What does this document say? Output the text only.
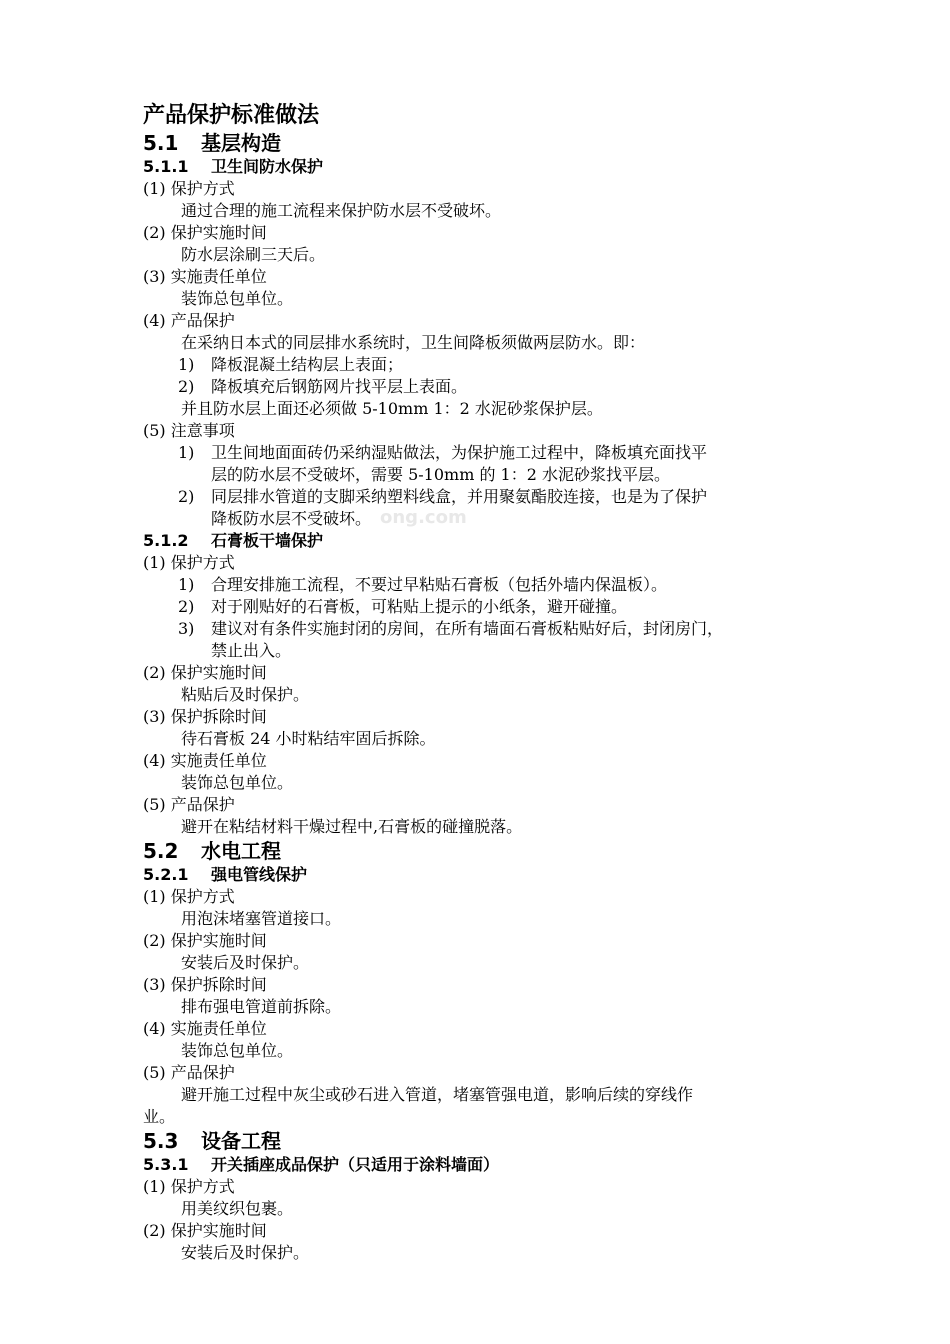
ong.com
产品保护标准做法
5.1 基层构造
5.1.1 卫生间防水保护
(1) 保护方式
通过合理的施工流程来保护防水层不受破坏。
(2) 保护实施时间
防水层涂刷三天后。
(3) 实施责任单位
装饰总包单位。
(4) 产品保护
在采纳日本式的同层排水系统时，卫生间降板须做两层防水。即：
1) 降板混凝土结构层上表面；
2) 降板填充后钢筋网片找平层上表面。
并且防水层上面还必须做 5-10mm 1：2 水泥砂浆保护层。
(5) 注意事项
1) 卫生间地面面砖仍采纳湿贴做法，为保护施工过程中，降板填充面找平
层的防水层不受破坏，需要 5-10mm 的 1：2 水泥砂浆找平层。
2) 同层排水管道的支脚采纳塑料线盒，并用聚氨酯胶连接，也是为了保护
降板防水层不受破坏。
5.1.2 石膏板干墙保护
(1) 保护方式
1) 合理安排施工流程，不要过早粘贴石膏板（包括外墙内保温板）。
2) 对于刚贴好的石膏板，可粘贴上提示的小纸条，避开碰撞。
3) 建议对有条件实施封闭的房间，在所有墙面石膏板粘贴好后，封闭房门，
禁止出入。
(2) 保护实施时间
粘贴后及时保护。
(3) 保护拆除时间
待石膏板 24 小时粘结牢固后拆除。
(4) 实施责任单位
装饰总包单位。
(5) 产品保护
避开在粘结材料干燥过程中,石膏板的碰撞脱落。
5.2 水电工程
5.2.1 强电管线保护
(1) 保护方式
用泡沫堵塞管道接口。
(2) 保护实施时间
安装后及时保护。
(3) 保护拆除时间
排布强电管道前拆除。
(4) 实施责任单位
装饰总包单位。
(5) 产品保护
避开施工过程中灰尘或砂石进入管道，堵塞管强电道，影响后续的穿线作
业。
5.3 设备工程
5.3.1 开关插座成品保护（只适用于涂料墙面）
(1) 保护方式
用美纹织包裹。
(2) 保护实施时间
安装后及时保护。
